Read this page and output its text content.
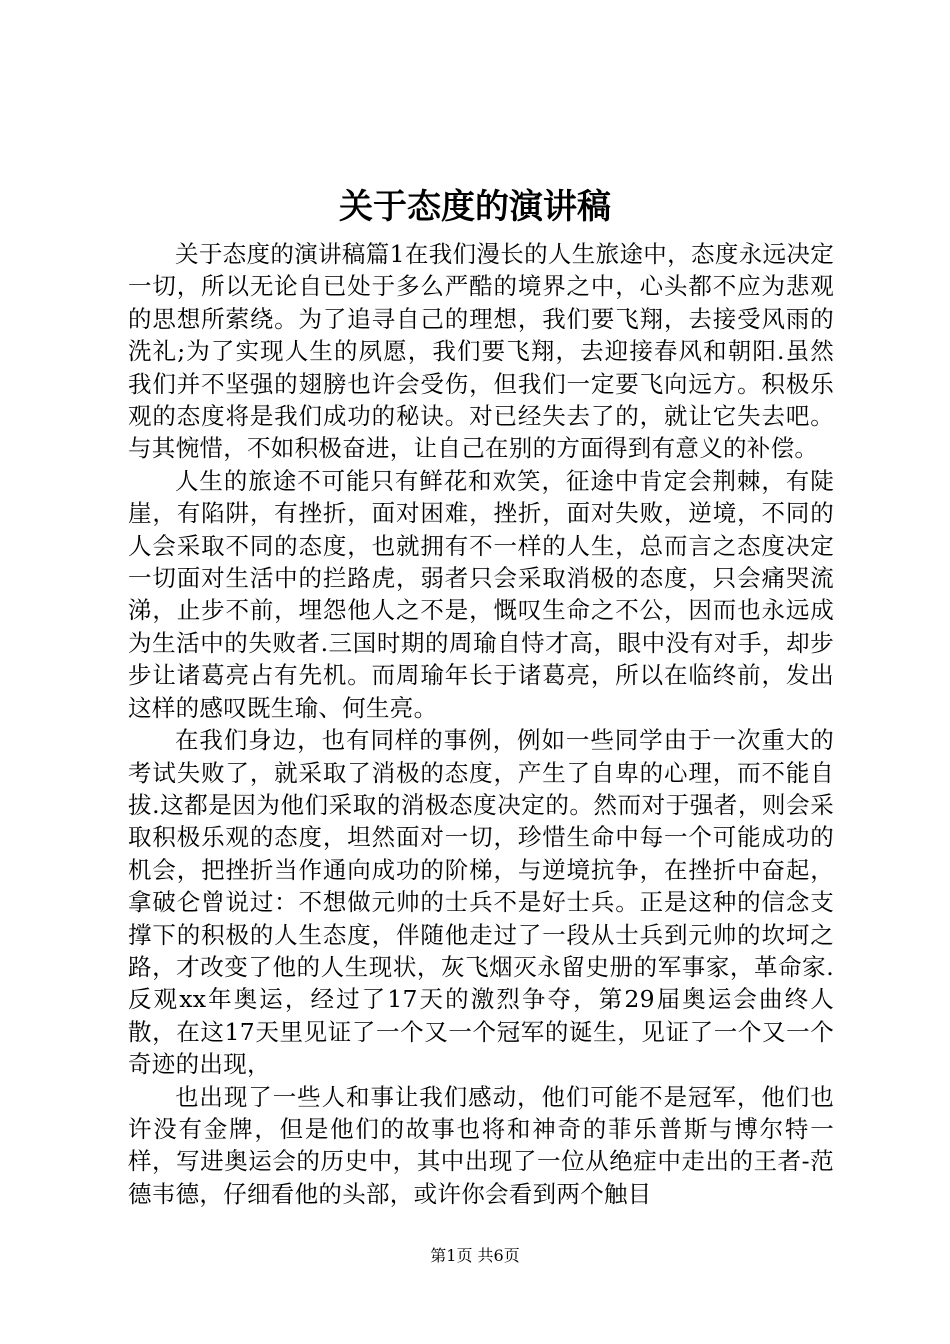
关于态度的演讲稿

关于态度的演讲稿篇1在我们漫长的人生旅途中，态度永远决定一切，所以无论自已处于多么严酷的境界之中，心头都不应为悲观的思想所萦绕。为了追寻自己的理想，我们要飞翔，去接受风雨的洗礼;为了实现人生的夙愿，我们要飞翔，去迎接春风和朝阳.虽然我们并不坚强的翅膀也许会受伤，但我们一定要飞向远方。积极乐观的态度将是我们成功的秘诀。对已经失去了的，就让它失去吧。与其惋惜，不如积极奋进，让自己在别的方面得到有意义的补偿。

人生的旅途不可能只有鲜花和欢笑，征途中肯定会荆棘，有陡崖，有陷阱，有挫折，面对困难，挫折，面对失败，逆境，不同的人会采取不同的态度，也就拥有不一样的人生，总而言之态度决定一切面对生活中的拦路虎，弱者只会采取消极的态度，只会痛哭流涕，止步不前，埋怨他人之不是，慨叹生命之不公，因而也永远成为生活中的失败者.三国时期的周瑜自恃才高，眼中没有对手，却步步让诸葛亮占有先机。而周瑜年长于诸葛亮，所以在临终前，发出这样的感叹既生瑜、何生亮。

在我们身边，也有同样的事例，例如一些同学由于一次重大的考试失败了，就采取了消极的态度，产生了自卑的心理，而不能自拔.这都是因为他们采取的消极态度决定的。然而对于强者，则会采取积极乐观的态度，坦然面对一切，珍惜生命中每一个可能成功的机会，把挫折当作通向成功的阶梯，与逆境抗争，在挫折中奋起，拿破仑曾说过：不想做元帅的士兵不是好士兵。正是这种的信念支撑下的积极的人生态度，伴随他走过了一段从士兵到元帅的坎坷之路，才改变了他的人生现状，灰飞烟灭永留史册的军事家，革命家.反观xx年奥运，经过了17天的激烈争夺，第29届奥运会曲终人散，在这17天里见证了一个又一个冠军的诞生，见证了一个又一个奇迹的出现，

也出现了一些人和事让我们感动，他们可能不是冠军，他们也许没有金牌，但是他们的故事也将和神奇的菲乐普斯与博尔特一样，写进奥运会的历史中，其中出现了一位从绝症中走出的王者-范德韦德，仔细看他的头部，或许你会看到两个触目

第1页 共6页
